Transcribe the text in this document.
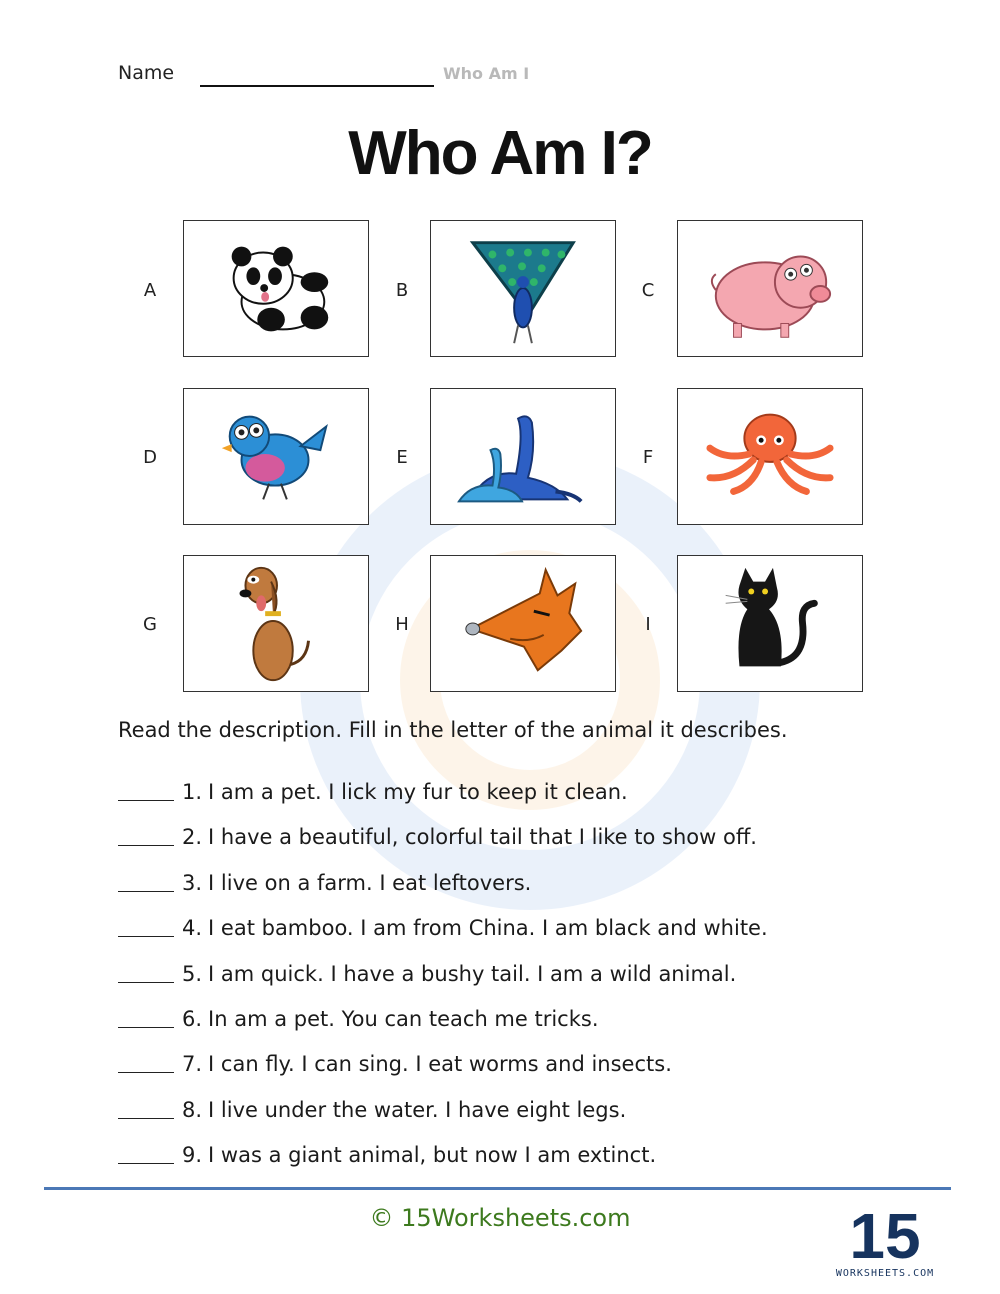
Name	Who Am I
Who Am I?
A	B	C
D	E	F
G	H	I
Read the description. Fill in the letter of the animal it describes.
1. I am a pet. I lick my fur to keep it clean.
2. I have a beautiful, colorful tail that I like to show off.
3. I live on a farm. I eat leftovers.
4. I eat bamboo. I am from China. I am black and white.
5. I am quick. I have a bushy tail. I am a wild animal.
6. In am a pet. You can teach me tricks.
7. I can fly. I can sing. I eat worms and insects.
8. I live under the water. I have eight legs.
9. I was a giant animal, but now I am extinct.
© 15Worksheets.com	15
WORKSHEETS.COM
